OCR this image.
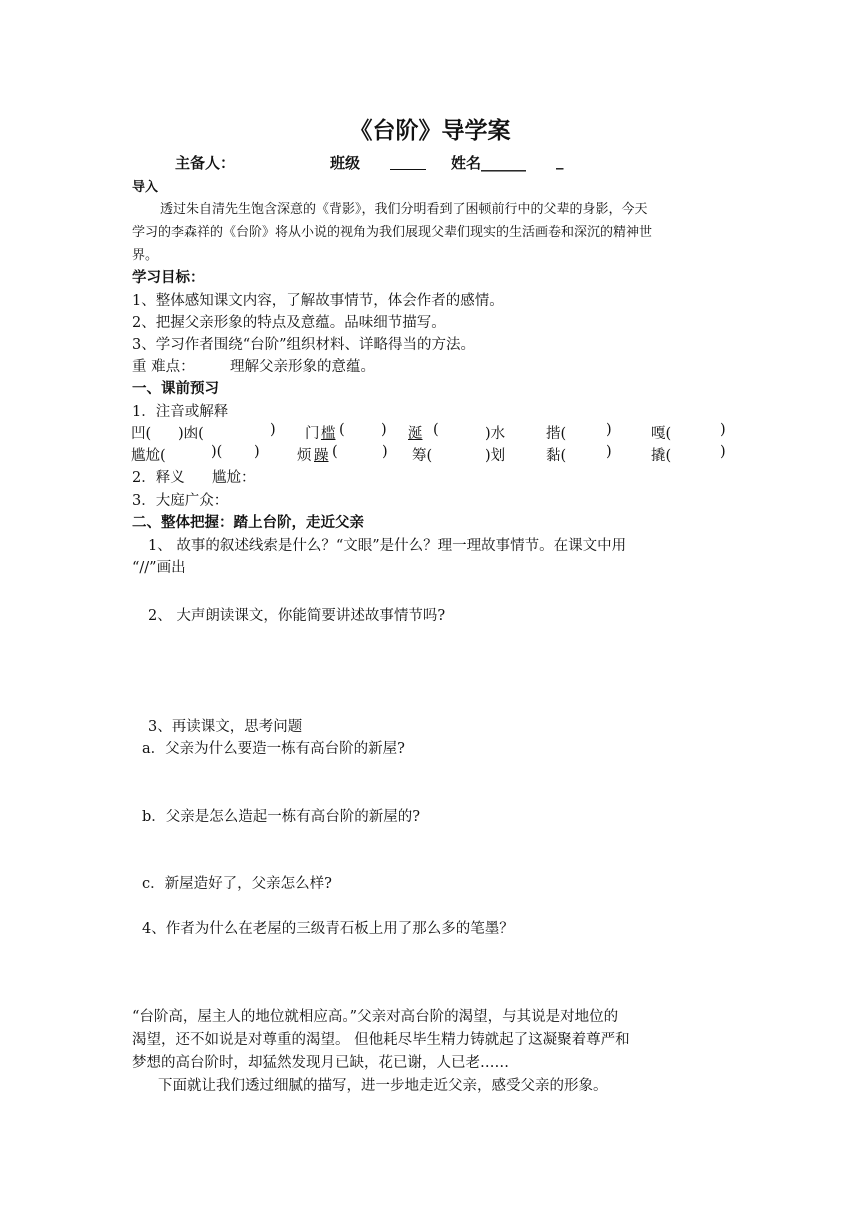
《台阶》导学案
主备人：	班级	姓名______ _
导入
透过朱自清先生饱含深意的《背影》，我们分明看到了困顿前行中的父辈的身影，今天
学习的李森祥的《台阶》将从小说的视角为我们展现父辈们现实的生活画卷和深沉的精神世
界。
学习目标：
1、整体感知课文内容，了解故事情节，体会作者的感情。
2、把握父亲形象的特点及意蕴。品味细节描写。
3、学习作者围绕“台阶”组织材料、详略得当的方法。
重 难点： 理解父亲形象的意蕴。
一、课前预习
1．注音或解释
凹( )凼(	) 门 槛 (	) 涎 (	)水	揩(	)	嘎(	)
尴尬(	)( )	烦 躁 (	) 筹(	)划	黏(	)	撬(	)
2．释义 尴尬：
3．大庭广众：
二、整体把握：踏上台阶，走近父亲
1、 故事的叙述线索是什么？“文眼”是什么？理一理故事情节。在课文中用
“//”画出
2、 大声朗读课文，你能简要讲述故事情节吗?
3、再读课文，思考问题
a．父亲为什么要造一栋有高台阶的新屋?
b．父亲是怎么造起一栋有高台阶的新屋的?
c．新屋造好了，父亲怎么样?
4、作者为什么在老屋的三级青石板上用了那么多的笔墨？
“台阶高，屋主人的地位就相应高。”父亲对高台阶的渴望，与其说是对地位的
渴望，还不如说是对尊重的渴望。 但他耗尽毕生精力铸就起了这凝聚着尊严和
梦想的高台阶时，却猛然发现月已缺，花已谢，人已老……
下面就让我们透过细腻的描写，进一步地走近父亲，感受父亲的形象。
